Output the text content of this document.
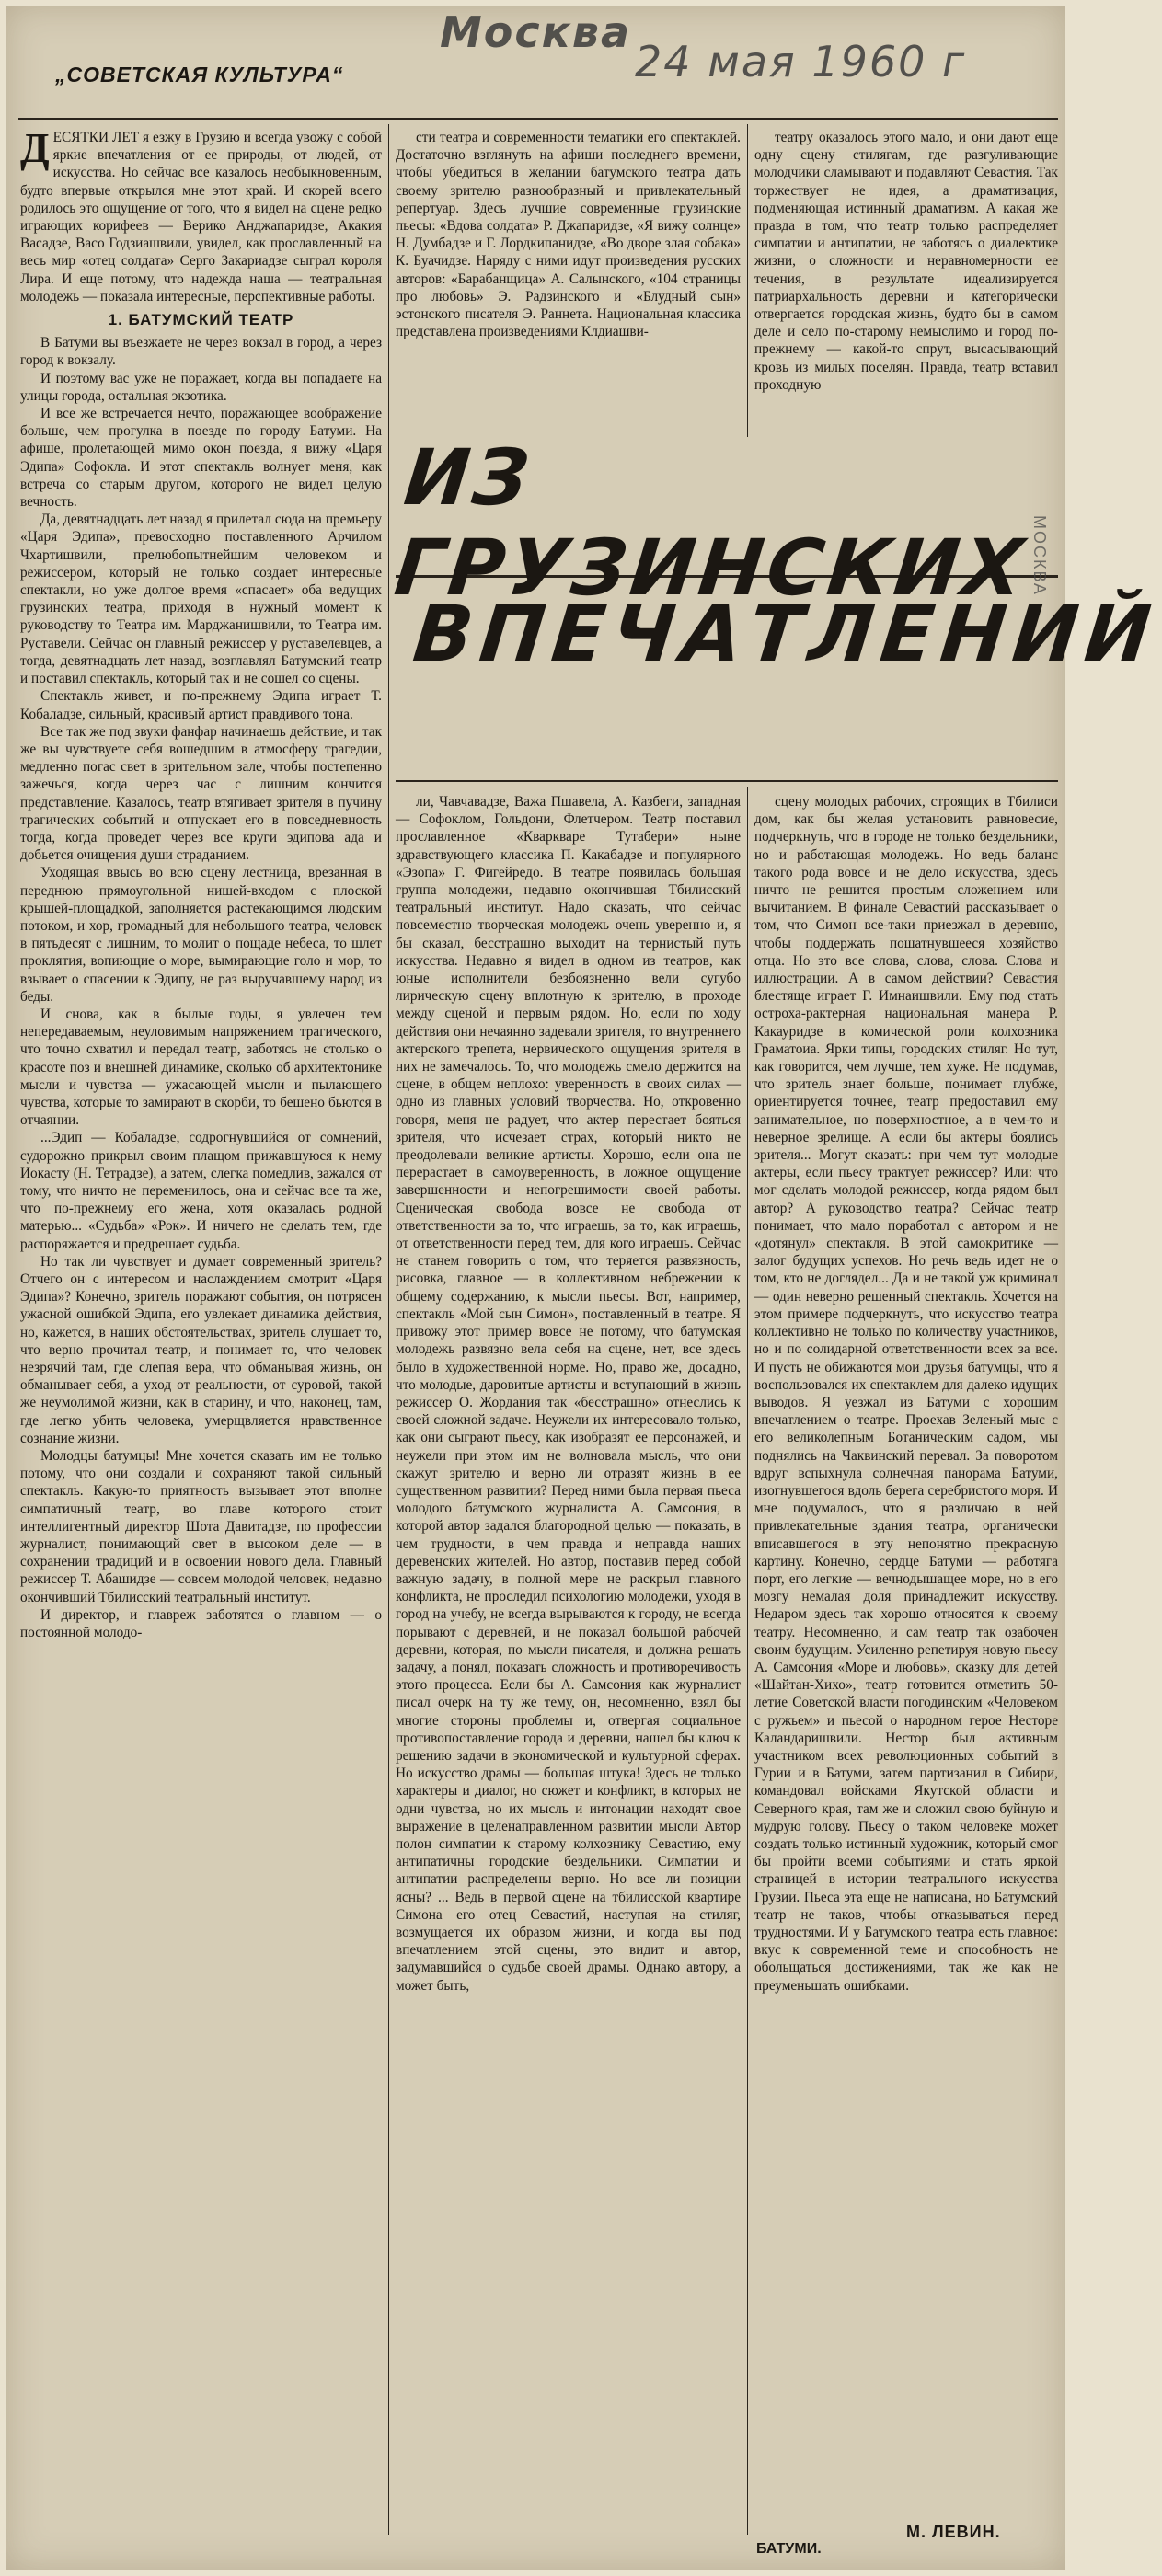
Москва
24 мая 1960 г
„СОВЕТСКАЯ КУЛЬТУРА“

ДЕСЯТКИ ЛЕТ я езжу в Грузию и всегда увожу с собой яркие впечатления от ее природы, от людей, от искусства. Но сейчас все казалось необыкновенным, будто впервые открылся мне этот край. И скорей всего родилось это ощущение от того, что я видел на сцене редко играющих корифеев — Верико Анджапаридзе, Акакия Васадзе, Васо Годзиашвили, увидел, как прославленный на весь мир «отец солдата» Серго Закариадзе сыграл короля Лира. И еще потому, что надежда наша — театральная молодежь — показала интересные, перспективные работы.

1. БАТУМСКИЙ ТЕАТР

В Батуми вы въезжаете не через вокзал в город, а через город к вокзалу.

И поэтому вас уже не поражает, когда вы попадаете на улицы города, остальная экзотика.

И все же встречается нечто, поражающее воображение больше, чем прогулка в поезде по городу Батуми. На афише, пролетающей мимо окон поезда, я вижу «Царя Эдипа» Софокла. И этот спектакль волнует меня, как встреча со старым другом, которого не видел целую вечность.

Да, девятнадцать лет назад я прилетал сюда на премьеру «Царя Эдипа», превосходно поставленного Арчилом Чхартишвили, прелюбопытнейшим человеком и режиссером, который не только создает интересные спектакли, но уже долгое время «спасает» оба ведущих грузинских театра, приходя в нужный момент к руководству то Театра им. Марджанишвили, то Театра им. Руставели. Сейчас он главный режиссер у руставелевцев, а тогда, девятнадцать лет назад, возглавлял Батумский театр и поставил спектакль, который так и не сошел со сцены.

Спектакль живет, и по-прежнему Эдипа играет Т. Кобаладзе, сильный, красивый артист правдивого тона.

Все так же под звуки фанфар начинаешь действие, и так же вы чувствуете себя вошедшим в атмосферу трагедии, медленно погас свет в зрительном зале, чтобы постепенно зажечься, когда через час с лишним кончится представление. Казалось, театр втягивает зрителя в пучину трагических событий и отпускает его в повседневность тогда, когда проведет через все круги эдипова ада и добьется очищения души страданием.

Уходящая ввысь во всю сцену лестница, врезанная в переднюю прямоугольной нишей-входом с плоской крышей-площадкой, заполняется растекающимся людским потоком, и хор, громадный для небольшого театра, человек в пятьдесят с лишним, то молит о пощаде небеса, то шлет проклятия, вопиющие о море, вымирающие голо и мор, то взывает о спасении к Эдипу, не раз выручавшему народ из беды.

И снова, как в былые годы, я увлечен тем непередаваемым, неуловимым напряжением трагического, что точно схватил и передал театр, заботясь не столько о красоте поз и внешней динамике, сколько об архитектонике мысли и чувства — ужасающей мысли и пылающего чувства, которые то замирают в скорби, то бешено бьются в отчаянии.

...Эдип — Кобаладзе, содрогнувшийся от сомнений, судорожно прикрыл своим плащом прижавшуюся к нему Иокасту (Н. Тетрадзе), а затем, слегка помедлив, зажался от тому, что ничто не переменилось, она и сейчас все та же, что по-прежнему его жена, хотя оказалась родной матерью... «Судьба» «Рок». И ничего не сделать тем, где распоряжается и предрешает судьба.

Но так ли чувствует и думает современный зритель? Отчего он с интересом и наслаждением смотрит «Царя Эдипа»? Конечно, зритель поражают события, он потрясен ужасной ошибкой Эдипа, его увлекает динамика действия, но, кажется, в наших обстоятельствах, зритель слушает то, что верно прочитал театр, и понимает то, что человек незрячий там, где слепая вера, что обманывая жизнь, он обманывает себя, а уход от реальности, от суровой, такой же неумолимой жизни, как в старину, и что, наконец, там, где легко убить человека, умерщвляется нравственное сознание жизни.

Молодцы батумцы! Мне хочется сказать им не только потому, что они создали и сохраняют такой сильный спектакль. Какую-то приятность вызывает этот вполне симпатичный театр, во главе которого стоит интеллигентный директор Шота Давитадзе, по профессии журналист, понимающий свет в высоком деле — в сохранении традиций и в освоении нового дела. Главный режиссер Т. Абашидзе — совсем молодой человек, недавно окончивший Тбилисский театральный институт.

И директор, и главреж заботятся о главном — о постоянной молодо-

сти театра и современности тематики его спектаклей. Достаточно взглянуть на афиши последнего времени, чтобы убедиться в желании батумского театра дать своему зрителю разнообразный и привлекательный репертуар. Здесь лучшие современные грузинские пьесы: «Вдова солдата» Р. Джапаридзе, «Я вижу солнце» Н. Думбадзе и Г. Лордкипанидзе, «Во дворе злая собака» К. Буачидзе. Наряду с ними идут произведения русских авторов: «Барабанщица» А. Салынского, «104 страницы про любовь» Э. Радзинского и «Блудный сын» эстонского писателя Э. Раннета. Национальная классика представлена произведениями Клдиашви-

театру оказалось этого мало, и они дают еще одну сцену стилягам, где разгуливающие молодчики сламывают и подавляют Севастия. Так торжествует не идея, а драматизация, подменяющая истинный драматизм. А какая же правда в том, что театр только распределяет симпатии и антипатии, не заботясь о диалектике жизни, о сложности и неравномерности ее течения, в результате идеализируется патриархальность деревни и категорически отвергается городская жизнь, будто бы в самом деле и село по-старому немыслимо и город по-прежнему — какой-то спрут, высасывающий кровь из милых поселян. Правда, театр вставил проходную

ИЗ ГРУЗИНСКИХ
ВПЕЧАТЛЕНИЙ

ли, Чавчавадзе, Важа Пшавела, А. Казбеги, западная — Софоклом, Гольдони, Флетчером. Театр поставил прославленное «Кваркваре Тутабери» ныне здравствующего классика П. Какабадзе и популярного «Эзопа» Г. Фигейредо. В театре появилась большая группа молодежи, недавно окончившая Тбилисский театральный институт. Надо сказать, что сейчас повсеместно творческая молодежь очень уверенно и, я бы сказал, бесстрашно выходит на тернистый путь искусства. Недавно я видел в одном из театров, как юные исполнители безбоязненно вели сугубо лирическую сцену вплотную к зрителю, в проходе между сценой и первым рядом. Но, если по ходу действия они нечаянно задевали зрителя, то внутреннего актерского трепета, нервического ощущения зрителя в них не замечалось. То, что молодежь смело держится на сцене, в общем неплохо: уверенность в своих силах — одно из главных условий творчества. Но, откровенно говоря, меня не радует, что актер перестает бояться зрителя, что исчезает страх, который никто не преодолевали великие артисты. Хорошо, если она не перерастает в самоуверенность, в ложное ощущение завершенности и непогрешимости своей работы. Сценическая свобода вовсе не свобода от ответственности за то, что играешь, за то, как играешь, от ответственности перед тем, для кого играешь. Сейчас не станем говорить о том, что теряется развязность, рисовка, главное — в коллективном небрежении к общему содержанию, к мысли пьесы. Вот, например, спектакль «Мой сын Симон», поставленный в театре. Я привожу этот пример вовсе не потому, что батумская молодежь развязно вела себя на сцене, нет, все здесь было в художественной норме. Но, право же, досадно, что молодые, даровитые артисты и вступающий в жизнь режиссер О. Жордания так «бесстрашно» отнеслись к своей сложной задаче. Неужели их интересовало только, как они сыграют пьесу, как изобразят ее персонажей, и неужели при этом им не волновала мысль, что они скажут зрителю и верно ли отразят жизнь в ее существенном развитии? Перед ними была первая пьеса молодого батумского журналиста А. Самсония, в которой автор задался благородной целью — показать, в чем трудности, в чем правда и неправда наших деревенских жителей. Но автор, поставив перед собой важную задачу, в полной мере не раскрыл главного конфликта, не проследил психологию молодежи, уходя в город на учебу, не всегда вырываются к городу, не всегда порывают с деревней, и не показал большой рабочей деревни, которая, по мысли писателя, и должна решать задачу, а понял, показать сложность и противоречивость этого процесса. Если бы А. Самсония как журналист писал очерк на ту же тему, он, несомненно, взял бы многие стороны проблемы и, отвергая социальное противопоставление города и деревни, нашел бы ключ к решению задачи в экономической и культурной сферах. Но искусство драмы — большая штука! Здесь не только характеры и диалог, но сюжет и конфликт, в которых не одни чувства, но их мысль и интонации находят свое выражение в целенаправленном развитии мысли Автор полон симпатии к старому колхознику Севастию, ему антипатичны городские бездельники. Симпатии и антипатии распределены верно. Но все ли позиции ясны? ... Ведь в первой сцене на тбилисской квартире Симона его отец Севастий, наступая на стиляг, возмущается их образом жизни, и когда вы под впечатлением этой сцены, это видит и автор, задумавшийся о судьбе своей драмы. Однако автору, а может быть,

сцену молодых рабочих, строящих в Тбилиси дом, как бы желая установить равновесие, подчеркнуть, что в городе не только бездельники, но и работающая молодежь. Но ведь баланс такого рода вовсе и не дело искусства, здесь ничто не решится простым сложением или вычитанием. В финале Севастий рассказывает о том, что Симон все-таки приезжал в деревню, чтобы поддержать пошатнувшееся хозяйство отца. Но это все слова, слова, слова. Слова и иллюстрации. А в самом действии? Севастия блестяще играет Г. Имнаишвили. Ему под стать остроха-рактерная национальная манера Р. Какауридзе в комической роли колхозника Граматоиа. Ярки типы, городских стиляг. Но тут, как говорится, чем лучше, тем хуже. Не подумав, что зритель знает больше, понимает глубже, ориентируется точнее, театр предоставил ему занимательное, но поверхностное, а в чем-то и неверное зрелище. А если бы актеры боялись зрителя... Могут сказать: при чем тут молодые актеры, если пьесу трактует режиссер? Или: что мог сделать молодой режиссер, когда рядом был автор? А руководство театра? Сейчас театр понимает, что мало поработал с автором и не «дотянул» спектакля. В этой самокритике — залог будущих успехов. Но речь ведь идет не о том, кто не доглядел... Да и не такой уж криминал — один неверно решенный спектакль. Хочется на этом примере подчеркнуть, что искусство театра коллективно не только по количеству участников, но и по солидарной ответственности всех за все. И пусть не обижаются мои друзья батумцы, что я воспользовался их спектаклем для далеко идущих выводов. Я уезжал из Батуми с хорошим впечатлением о театре. Проехав Зеленый мыс с его великолепным Ботаническим садом, мы поднялись на Чаквинский перевал. За поворотом вдруг вспыхнула солнечная панорама Батуми, изогнувшегося вдоль берега серебристого моря. И мне подумалось, что я различаю в ней привлекательные здания театра, органически вписавшегося в эту непонятно прекрасную картину. Конечно, сердце Батуми — работяга порт, его легкие — вечнодышащее море, но в его мозгу немалая доля принадлежит искусству. Недаром здесь так хорошо относятся к своему театру. Несомненно, и сам театр так озабочен своим будущим. Усиленно репетируя новую пьесу А. Самсония «Море и любовь», сказку для детей «Шайтан-Хихо», театр готовится отметить 50-летие Советской власти погодинским «Человеком с ружьем» и пьесой о народном герое Несторе Каландаришвили. Нестор был активным участником всех революционных событий в Гурии и в Батуми, затем партизанил в Сибири, командовал войсками Якутской области и Северного края, там же и сложил свою буйную и мудрую голову. Пьесу о таком человеке может создать только истинный художник, который смог бы пройти всеми событиями и стать яркой страницей в истории театрального искусства Грузии. Пьеса эта еще не написана, но Батумский театр не таков, чтобы отказываться перед трудностями. И у Батумского театра есть главное: вкус к современной теме и способность не обольщаться достижениями, так же как не преуменьшать ошибками.

МОСКВА
БАТУМИ.
М. ЛЕВИН.
